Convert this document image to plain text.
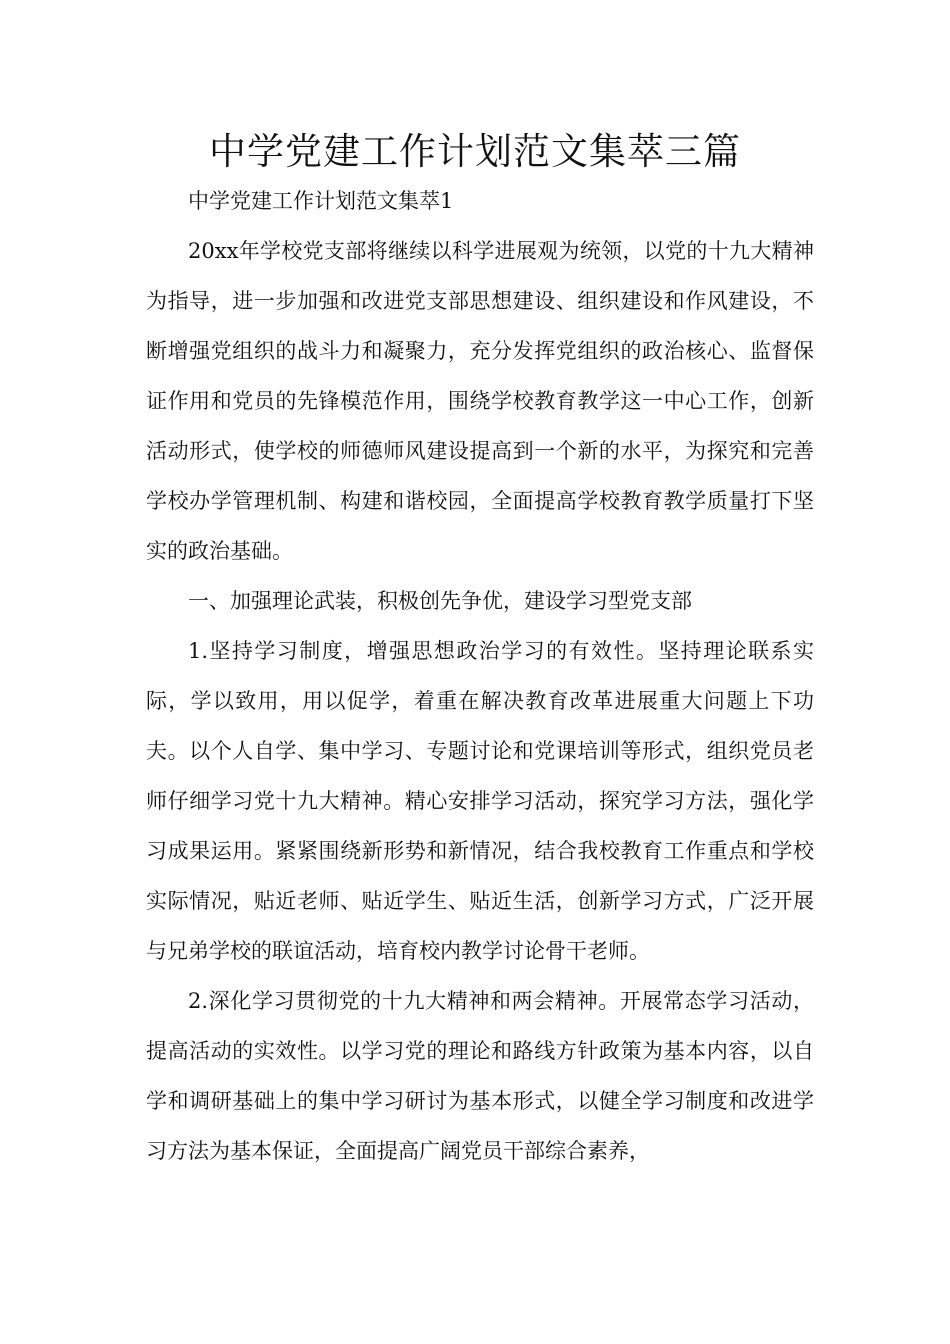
中学党建工作计划范文集萃三篇

中学党建工作计划范文集萃1

20xx年学校党支部将继续以科学进展观为统领，以党的十九大精神为指导，进一步加强和改进党支部思想建设、组织建设和作风建设，不断增强党组织的战斗力和凝聚力，充分发挥党组织的政治核心、监督保证作用和党员的先锋模范作用，围绕学校教育教学这一中心工作，创新活动形式，使学校的师德师风建设提高到一个新的水平，为探究和完善学校办学管理机制、构建和谐校园，全面提高学校教育教学质量打下坚实的政治基础。

一、加强理论武装，积极创先争优，建设学习型党支部

1.坚持学习制度，增强思想政治学习的有效性。坚持理论联系实际，学以致用，用以促学，着重在解决教育改革进展重大问题上下功夫。以个人自学、集中学习、专题讨论和党课培训等形式，组织党员老师仔细学习党十九大精神。精心安排学习活动，探究学习方法，强化学习成果运用。紧紧围绕新形势和新情况，结合我校教育工作重点和学校实际情况，贴近老师、贴近学生、贴近生活，创新学习方式，广泛开展与兄弟学校的联谊活动，培育校内教学讨论骨干老师。

2.深化学习贯彻党的十九大精神和两会精神。开展常态学习活动，提高活动的实效性。以学习党的理论和路线方针政策为基本内容，以自学和调研基础上的集中学习研讨为基本形式，以健全学习制度和改进学习方法为基本保证，全面提高广阔党员干部综合素养，
